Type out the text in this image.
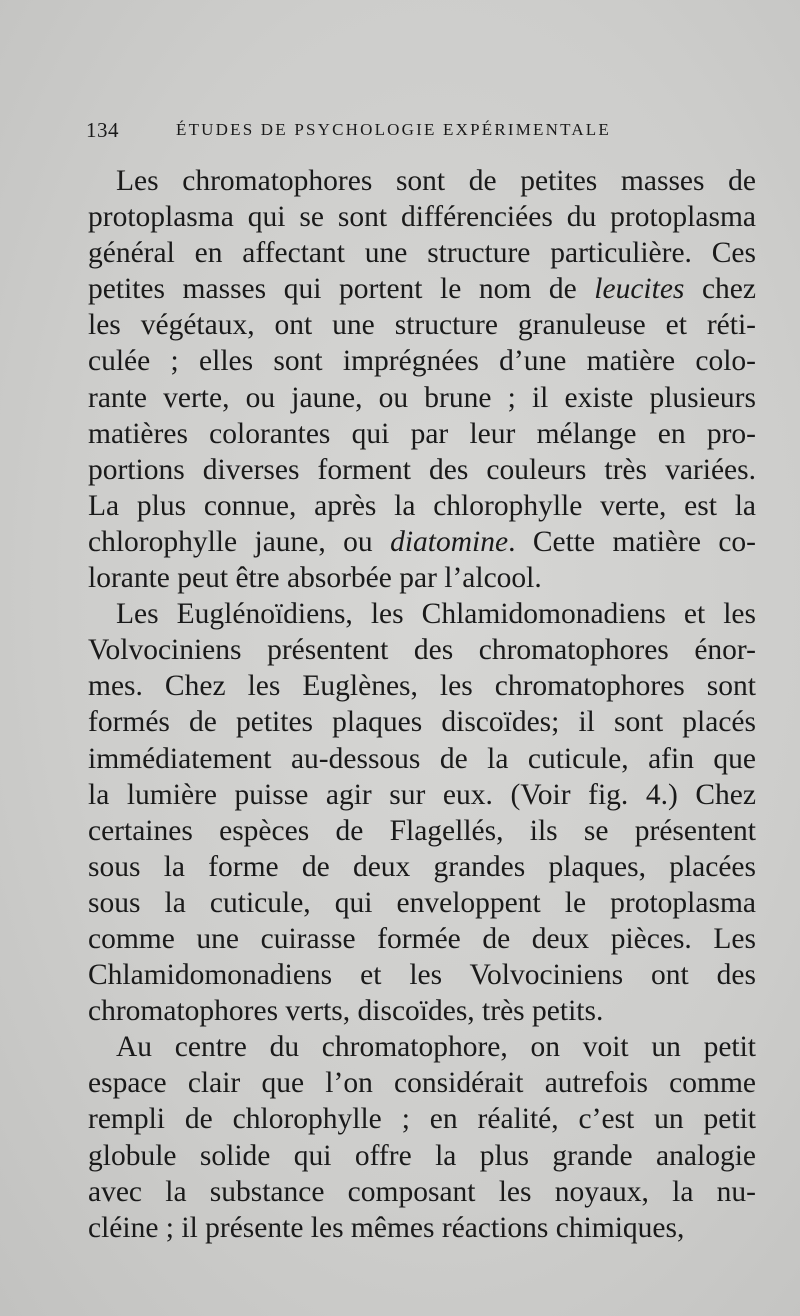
134	ÉTUDES DE PSYCHOLOGIE EXPÉRIMENTALE
Les chromatophores sont de petites masses de
protoplasma qui se sont différenciées du protoplasma
général en affectant une structure particulière. Ces
petites masses qui portent le nom de leucites chez
les végétaux, ont une structure granuleuse et réti-
culée ; elles sont imprégnées d’une matière colo-
rante verte, ou jaune, ou brune ; il existe plusieurs
matières colorantes qui par leur mélange en pro-
portions diverses forment des couleurs très variées.
La plus connue, après la chlorophylle verte, est la
chlorophylle jaune, ou diatomine. Cette matière co-
lorante peut être absorbée par l’alcool.
Les Euglénoïdiens, les Chlamidomonadiens et les
Volvociniens présentent des chromatophores énor-
mes. Chez les Euglènes, les chromatophores sont
formés de petites plaques discoïdes; il sont placés
immédiatement au-dessous de la cuticule, afin que
la lumière puisse agir sur eux. (Voir fig. 4.) Chez
certaines espèces de Flagellés, ils se présentent
sous la forme de deux grandes plaques, placées
sous la cuticule, qui enveloppent le protoplasma
comme une cuirasse formée de deux pièces. Les
Chlamidomonadiens et les Volvociniens ont des
chromatophores verts, discoïdes, très petits.
Au centre du chromatophore, on voit un petit
espace clair que l’on considérait autrefois comme
rempli de chlorophylle ; en réalité, c’est un petit
globule solide qui offre la plus grande analogie
avec la substance composant les noyaux, la nu-
cléine ; il présente les mêmes réactions chimiques,
